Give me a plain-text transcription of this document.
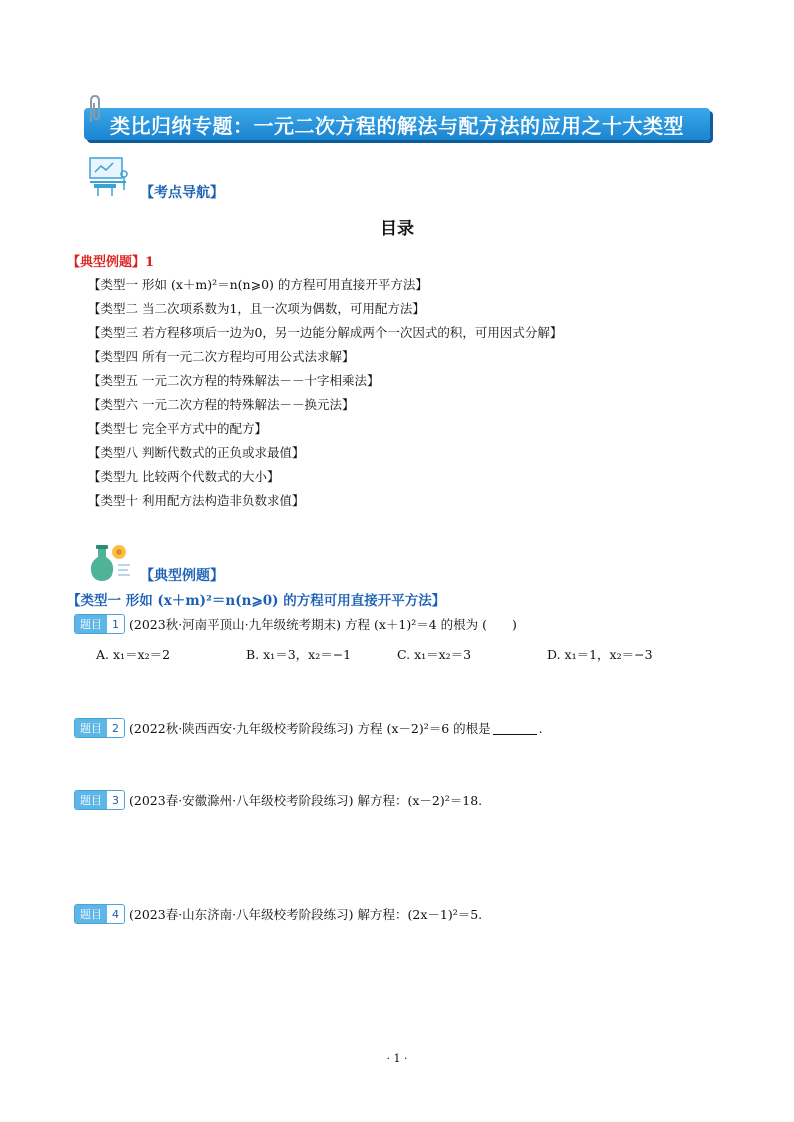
类比归纳专题：一元二次方程的解法与配方法的应用之十大类型
【考点导航】
目录
【典型例题】1
【类型一 形如 (x＋m)²＝n(n⩾0) 的方程可用直接开平方法】
【类型二 当二次项系数为1，且一次项为偶数，可用配方法】
【类型三 若方程移项后一边为0，另一边能分解成两个一次因式的积，可用因式分解】
【类型四 所有一元二次方程均可用公式法求解】
【类型五 一元二次方程的特殊解法－－十字相乘法】
【类型六 一元二次方程的特殊解法－－换元法】
【类型七 完全平方式中的配方】
【类型八 判断代数式的正负或求最值】
【类型九 比较两个代数式的大小】
【类型十 利用配方法构造非负数求值】
【典型例题】
【类型一 形如 (x＋m)²＝n(n⩾0) 的方程可用直接开平方法】
题目 1 (2023秋·河南平顶山·九年级统考期末) 方程 (x＋1)²＝4 的根为 (　　)
A. x₁＝x₂＝2	B. x₁＝3，x₂＝−1	C. x₁＝x₂＝3	D. x₁＝1，x₂＝−3
题目 2 (2022秋·陕西西安·九年级校考阶段练习) 方程 (x－2)²＝6 的根是	.
题目 3 (2023春·安徽滁州·八年级校考阶段练习) 解方程：(x－2)²＝18.
题目 4 (2023春·山东济南·八年级校考阶段练习) 解方程：(2x－1)²＝5.
· 1 ·
